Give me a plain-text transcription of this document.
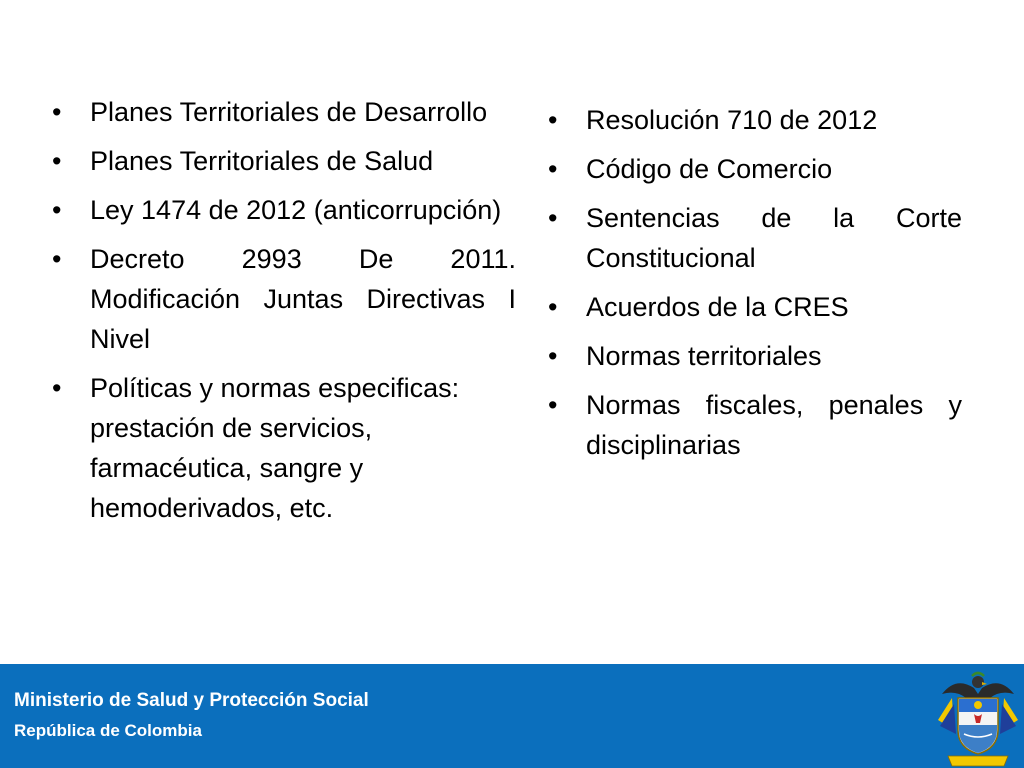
•	Planes Territoriales de Desarrollo
•	Planes Territoriales de Salud
•	Ley 1474 de 2012 (anticorrupción)
•	Decreto 2993 De 2011. Modificación Juntas Directivas I Nivel
•	Políticas y normas especificas: prestación de servicios, farmacéutica, sangre y hemoderivados, etc.
•	Resolución 710 de 2012
•	Código de Comercio
•	Sentencias de la Corte Constitucional
•	Acuerdos de la CRES
•	Normas territoriales
•	Normas fiscales, penales y disciplinarias
Ministerio de Salud y Protección Social
República de Colombia
